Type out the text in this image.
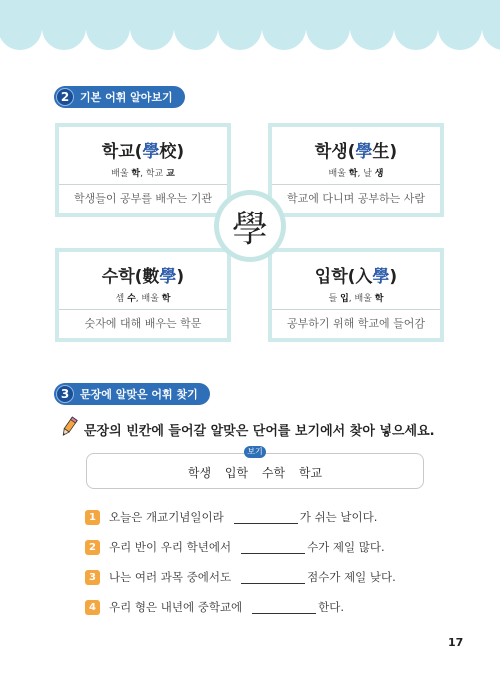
2 기본 어휘 알아보기
학교(學校)
배울 학, 학교 교
학생들이 공부를 배우는 기관
학생(學生)
배울 학, 날 생
학교에 다니며 공부하는 사람
수학(數學)
셈 수, 배울 학
숫자에 대해 배우는 학문
입학(入學)
들 입, 배울 학
공부하기 위해 학교에 들어감
學
3 문장에 알맞은 어휘 찾기
문장의 빈칸에 들어갈 알맞은 단어를 보기에서 찾아 넣으세요.
보기
학생 입학 수학 학교
1	오늘은 개교기념일이라	가 쉬는 날이다.
2	우리 반이 우리 학년에서	수가 제일 많다.
3	나는 여러 과목 중에서도	점수가 제일 낮다.
4	우리 형은 내년에 중학교에	한다.
17
